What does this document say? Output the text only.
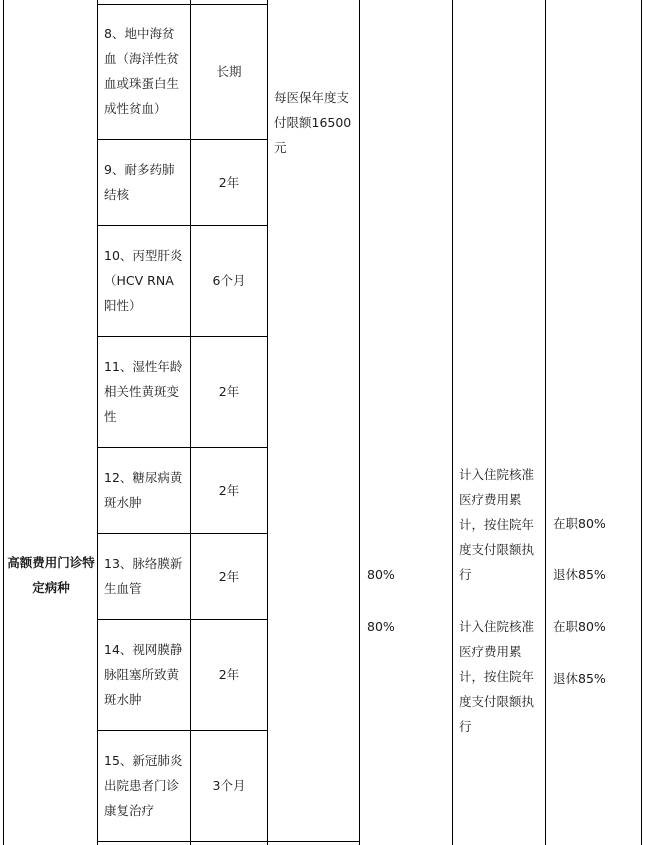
高额费用门诊特定病种
8、地中海贫血（海洋性贫血或珠蛋白生成性贫血）
9、耐多药肺结核
10、丙型肝炎（HCV RNA阳性）
11、湿性年龄相关性黄斑变性
12、糖尿病黄斑水肿
13、脉络膜新生血管
14、视网膜静脉阻塞所致黄斑水肿
15、新冠肺炎出院患者门诊康复治疗
长期
2年
6个月
2年
2年
2年
2年
3个月
每医保年度支付限额16500元
80%
80%
计入住院核准医疗费用累计，按住院年度支付限额执行
计入住院核准医疗费用累计，按住院年度支付限额执行
在职80%
退休85%
在职80%
退休85%
